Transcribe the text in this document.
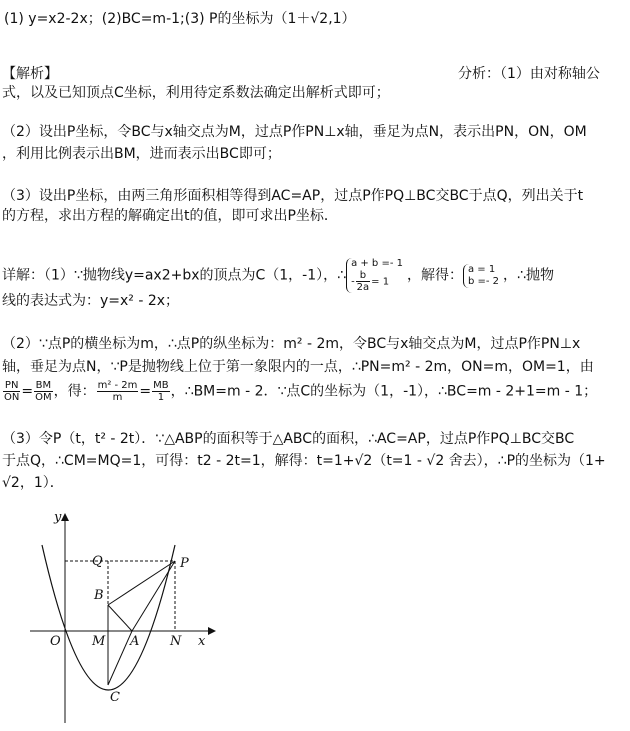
(1) y=x2-2x；(2)BC=m-1;(3) P的坐标为（1＋√2,1）
【解析】	分析：（1）由对称轴公
式，以及已知顶点C坐标，利用待定系数法确定出解析式即可；
（2）设出P坐标，令BC与x轴交点为M，过点P作PN⊥x轴，垂足为点N，表示出PN，ON，OM
，利用比例表示出BM，进而表示出BC即可；
（3）设出P坐标，由两三角形面积相等得到AC=AP，过点P作PQ⊥BC交BC于点Q，列出关于t
的方程，求出方程的解确定出t的值，即可求出P坐标．
详解：（1）∵抛物线y=ax2+bx的顶点为C（1，-1），∴
a + b =- 1
- $\frac{b}{2a} = 1$	，解得： a = 1
b =- 2 ，∴抛物
线的表达式为：y=x² - 2x；
（2）∵点P的横坐标为m，∴点P的纵坐标为：m² - 2m，令BC与x轴交点为M，过点P作PN⊥x
轴，垂足为点N，∵P是抛物线上位于第一象限内的一点，∴PN=m² - 2m，ON=m，OM=1，由
$\frac{PN}{ON} = \frac{BM}{OM}$ ，得： $\frac{\text{m² - 2m}}{m} = \frac{MB}{1}$ ，∴BM=m - 2．∵点C的坐标为（1，-1），∴BC=m - 2+1=m - 1；
（3）令P（t，t² - 2t）．∵△ABP的面积等于△ABC的面积，∴AC=AP，过点P作PQ⊥BC交BC
于点Q，∴CM=MQ=1，可得：t2 - 2t=1，解得：t=1+√2（t=1 - √2 舍去），∴P的坐标为（1+
√2，1）．
y
Q	P
B
O M A N x
C
